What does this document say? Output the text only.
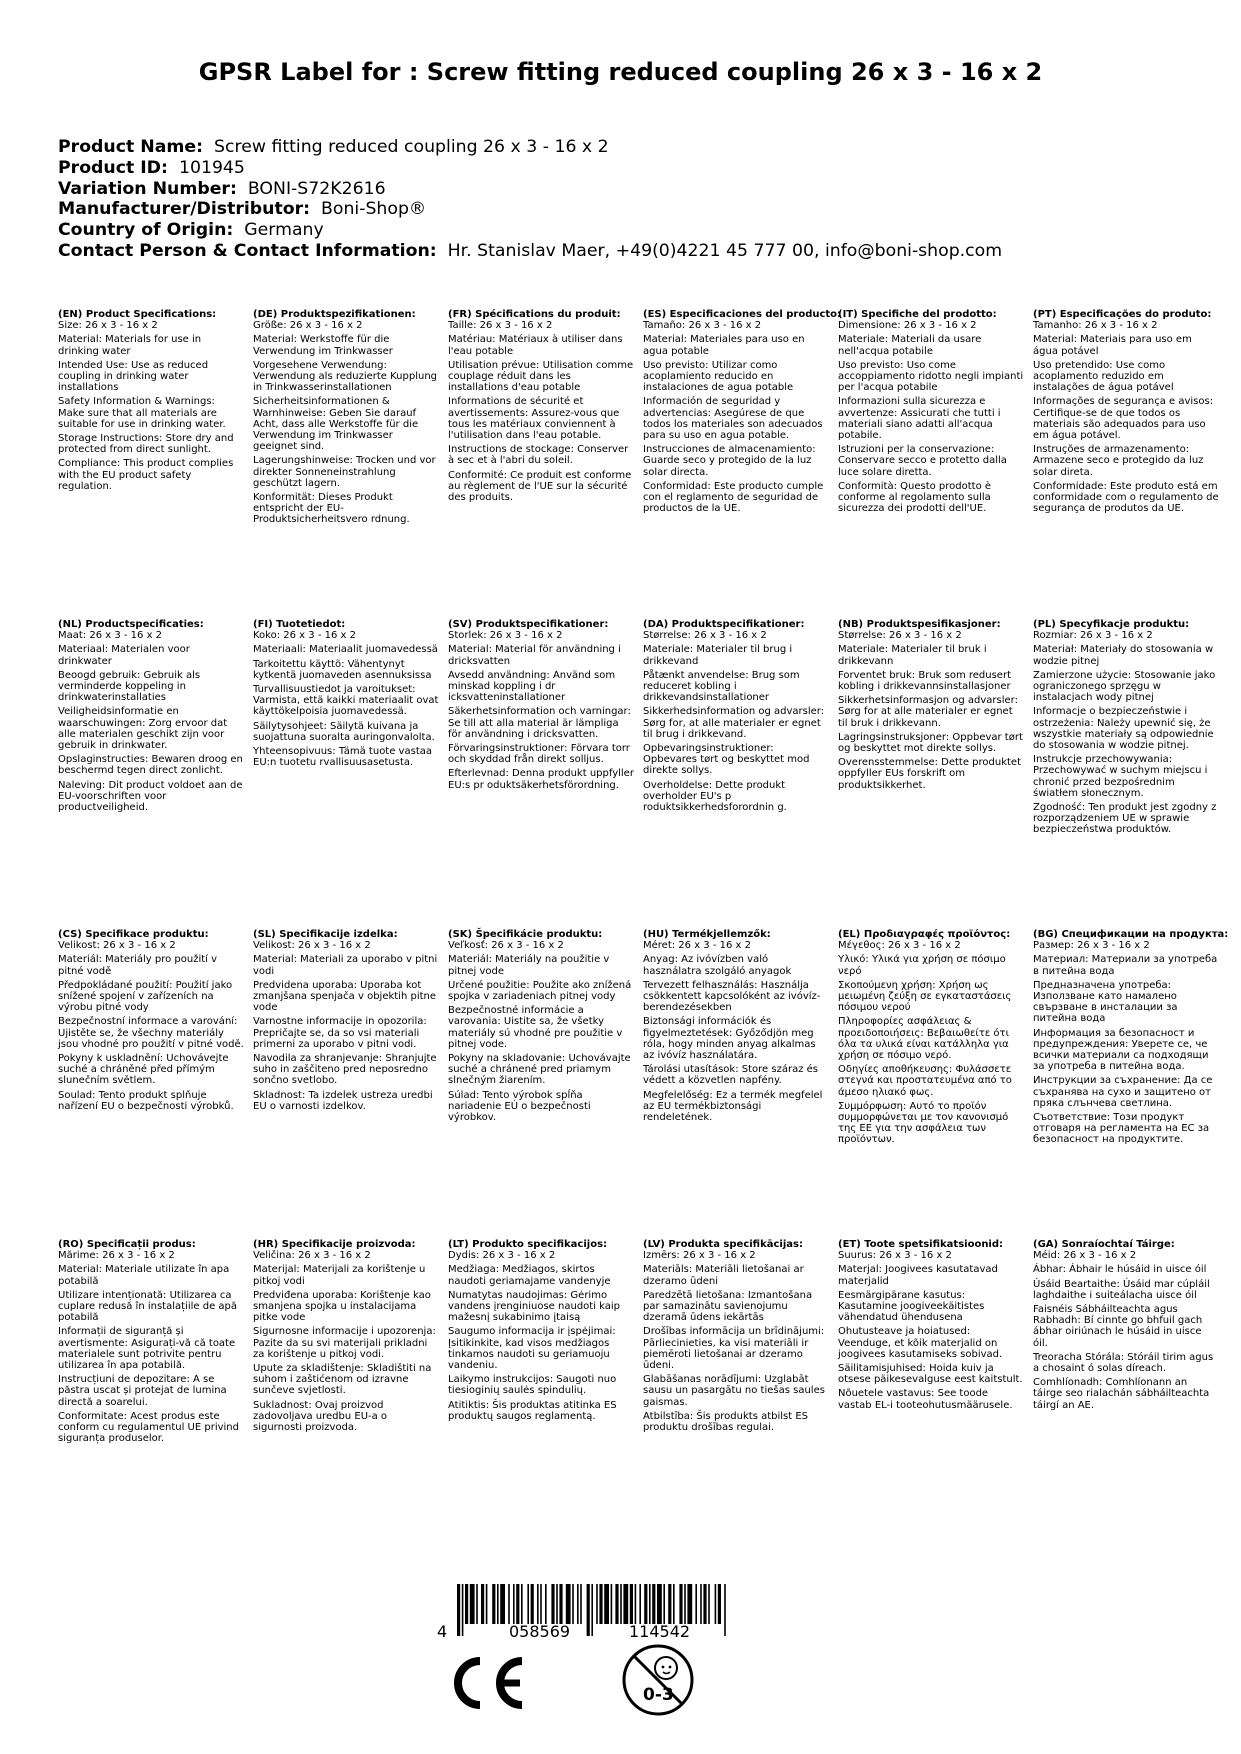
GPSR Label for : Screw fitting reduced coupling 26 x 3 - 16 x 2
Product Name: Screw fitting reduced coupling 26 x 3 - 16 x 2
Product ID: 101945
Variation Number: BONI-S72K2616
Manufacturer/Distributor: Boni-Shop®
Country of Origin: Germany
Contact Person & Contact Information: Hr. Stanislav Maer, +49(0)4221 45 777 00, info@boni-shop.com
(EN) Product Specifications:
Size: 26 x 3 - 16 x 2
Material: Materials for use in drinking water
Intended Use: Use as reduced coupling in drinking water installations
Safety Information & Warnings: Make sure that all materials are suitable for use in drinking water.
Storage Instructions: Store dry and protected from direct sunlight.
Compliance: This product complies with the EU product safety regulation.
(DE) Produktspezifikationen:
Größe: 26 x 3 - 16 x 2
Material: Werkstoffe für die Verwendung im Trinkwasser
Vorgesehene Verwendung: Verwendung als reduzierte Kupplung in Trinkwasserinstallationen
Sicherheitsinformationen & Warnhinweise: Geben Sie darauf Acht, dass alle Werkstoffe für die Verwendung im Trinkwasser geeignet sind.
Lagerungshinweise: Trocken und vor direkter Sonneneinstrahlung geschützt lagern.
Konformität: Dieses Produkt entspricht der EU-Produktsicherheitsvero rdnung.
(FR) Spécifications du produit:
Taille: 26 x 3 - 16 x 2
Matériau: Matériaux à utiliser dans l'eau potable
Utilisation prévue: Utilisation comme couplage réduit dans les installations d'eau potable
Informations de sécurité et avertissements: Assurez-vous que tous les matériaux conviennent à l'utilisation dans l'eau potable.
Instructions de stockage: Conserver à sec et à l'abri du soleil.
Conformité: Ce produit est conforme au règlement de l'UE sur la sécurité des produits.
(ES) Especificaciones del producto:
Tamaño: 26 x 3 - 16 x 2
Material: Materiales para uso en agua potable
Uso previsto: Utilizar como acoplamiento reducido en instalaciones de agua potable
Información de seguridad y advertencias: Asegúrese de que todos los materiales son adecuados para su uso en agua potable.
Instrucciones de almacenamiento: Guarde seco y protegido de la luz solar directa.
Conformidad: Este producto cumple con el reglamento de seguridad de productos de la UE.
(IT) Specifiche del prodotto:
Dimensione: 26 x 3 - 16 x 2
Materiale: Materiali da usare nell'acqua potabile
Uso previsto: Uso come accoppiamento ridotto negli impianti per l'acqua potabile
Informazioni sulla sicurezza e avvertenze: Assicurati che tutti i materiali siano adatti all'acqua potabile.
Istruzioni per la conservazione: Conservare secco e protetto dalla luce solare diretta.
Conformità: Questo prodotto è conforme al regolamento sulla sicurezza dei prodotti dell'UE.
(PT) Especificações do produto:
Tamanho: 26 x 3 - 16 x 2
Material: Materiais para uso em água potável
Uso pretendido: Use como acoplamento reduzido em instalações de água potável
Informações de segurança e avisos: Certifique-se de que todos os materiais são adequados para uso em água potável.
Instruções de armazenamento: Armazene seco e protegido da luz solar direta.
Conformidade: Este produto está em conformidade com o regulamento de segurança de produtos da UE.
(NL) Productspecificaties:
Maat: 26 x 3 - 16 x 2
Materiaal: Materialen voor drinkwater
Beoogd gebruik: Gebruik als verminderde koppeling in drinkwaterinstallaties
Veiligheidsinformatie en waarschuwingen: Zorg ervoor dat alle materialen geschikt zijn voor gebruik in drinkwater.
Opslaginstructies: Bewaren droog en beschermd tegen direct zonlicht.
Naleving: Dit product voldoet aan de EU-voorschriften voor productveiligheid.
(FI) Tuotetiedot:
Koko: 26 x 3 - 16 x 2
Materiaali: Materiaalit juomavedessä
Tarkoitettu käyttö: Vähentynyt kytkentä juomaveden asennuksissa
Turvallisuustiedot ja varoitukset: Varmista, että kaikki materiaalit ovat käyttökelpoisia juomavedessä.
Säilytysohjeet: Säilytä kuivana ja suojattuna suoralta auringonvalolta.
Yhteensopivuus: Tämä tuote vastaa EU:n tuotetu rvallisuusasetusta.
(SV) Produktspecifikationer:
Storlek: 26 x 3 - 16 x 2
Material: Material för användning i dricksvatten
Avsedd användning: Använd som minskad koppling i dr icksvatteninstallationer
Säkerhetsinformation och varningar: Se till att alla material är lämpliga för användning i dricksvatten.
Förvaringsinstruktioner: Förvara torr och skyddad från direkt solljus.
Efterlevnad: Denna produkt uppfyller EU:s pr oduktsäkerhetsförordning.
(DA) Produktspecifikationer:
Størrelse: 26 x 3 - 16 x 2
Materiale: Materialer til brug i drikkevand
Påtænkt anvendelse: Brug som reduceret kobling i drikkevandsinstallationer
Sikkerhedsinformation og advarsler: Sørg for, at alle materialer er egnet til brug i drikkevand.
Opbevaringsinstruktioner: Opbevares tørt og beskyttet mod direkte sollys.
Overholdelse: Dette produkt overholder EU's p roduktsikkerhedsforordnin g.
(NB) Produktspesifikasjoner:
Størrelse: 26 x 3 - 16 x 2
Materiale: Materialer til bruk i drikkevann
Forventet bruk: Bruk som redusert kobling i drikkevannsinstallasjoner
Sikkerhetsinformasjon og advarsler: Sørg for at alle materialer er egnet til bruk i drikkevann.
Lagringsinstruksjoner: Oppbevar tørt og beskyttet mot direkte sollys.
Overensstemmelse: Dette produktet oppfyller EUs forskrift om produktsikkerhet.
(PL) Specyfikacje produktu:
Rozmiar: 26 x 3 - 16 x 2
Materiał: Materiały do stosowania w wodzie pitnej
Zamierzone użycie: Stosowanie jako ograniczonego sprzęgu w instalacjach wody pitnej
Informacje o bezpieczeństwie i ostrzeżenia: Należy upewnić się, że wszystkie materiały są odpowiednie do stosowania w wodzie pitnej.
Instrukcje przechowywania: Przechowywać w suchym miejscu i chronić przed bezpośrednim światłem słonecznym.
Zgodność: Ten produkt jest zgodny z rozporządzeniem UE w sprawie bezpieczeństwa produktów.
(CS) Specifikace produktu:
Velikost: 26 x 3 - 16 x 2
Materiál: Materiály pro použití v pitné vodě
Předpokládané použití: Použití jako snížené spojení v zařízeních na výrobu pitné vody
Bezpečnostní informace a varování: Ujistěte se, že všechny materiály jsou vhodné pro použití v pitné vodě.
Pokyny k uskladnění: Uchovávejte suché a chráněné před přímým slunečním světlem.
Soulad: Tento produkt splňuje nařízení EU o bezpečnosti výrobků.
(SL) Specifikacije izdelka:
Velikost: 26 x 3 - 16 x 2
Material: Materiali za uporabo v pitni vodi
Predvidena uporaba: Uporaba kot zmanjšana spenjača v objektih pitne vode
Varnostne informacije in opozorila: Prepričajte se, da so vsi materiali primerni za uporabo v pitni vodi.
Navodila za shranjevanje: Shranjujte suho in zaščiteno pred neposredno sončno svetlobo.
Skladnost: Ta izdelek ustreza uredbi EU o varnosti izdelkov.
(SK) Špecifikácie produktu:
Veľkosť: 26 x 3 - 16 x 2
Materiál: Materiály na použitie v pitnej vode
Určené použitie: Použite ako znížená spojka v zariadeniach pitnej vody
Bezpečnostné informácie a varovania: Uistite sa, že všetky materiály sú vhodné pre použitie v pitnej vode.
Pokyny na skladovanie: Uchovávajte suché a chránené pred priamym slnečným žiarením.
Súlad: Tento výrobok spĺňa nariadenie EÚ o bezpečnosti výrobkov.
(HU) Termékjellemzők:
Méret: 26 x 3 - 16 x 2
Anyag: Az ivóvízben való használatra szolgáló anyagok
Tervezett felhasználás: Használja csökkentett kapcsolóként az ivóvíz-berendezésekben
Biztonsági információk és figyelmeztetések: Győződjön meg róla, hogy minden anyag alkalmas az ivóvíz használatára.
Tárolási utasítások: Store száraz és védett a közvetlen napfény.
Megfelelőség: Ez a termék megfelel az EU termékbiztonsági rendeletének.
(EL) Προδιαγραφές προϊόντος:
Μέγεθος: 26 x 3 - 16 x 2
Υλικό: Υλικά για χρήση σε πόσιμο νερό
Σκοπούμενη χρήση: Χρήση ως μειωμένη ζεύξη σε εγκαταστάσεις πόσιμου νερού
Πληροφορίες ασφάλειας & προειδοποιήσεις: Βεβαιωθείτε ότι όλα τα υλικά είναι κατάλληλα για χρήση σε πόσιμο νερό.
Οδηγίες αποθήκευσης: Φυλάσσετε στεγνά και προστατευμένα από το άμεσο ηλιακό φως.
Συμμόρφωση: Αυτό το προϊόν συμμορφώνεται με τον κανονισμό της ΕΕ για την ασφάλεια των προϊόντων.
(BG) Спецификации на продукта:
Размер: 26 x 3 - 16 x 2
Материал: Материали за употреба в питейна вода
Предназначена употреба: Използване като намалено свързване в инсталации за питейна вода
Информация за безопасност и предупреждения: Уверете се, че всички материали са подходящи за употреба в питейна вода.
Инструкции за съхранение: Да се съхранява на сухо и защитено от пряка слънчева светлина.
Съответствие: Този продукт отговаря на регламента на ЕС за безопасност на продуктите.
(RO) Specificații produs:
Mărime: 26 x 3 - 16 x 2
Material: Materiale utilizate în apa potabilă
Utilizare intenționată: Utilizarea ca cuplare redusă în instalațiile de apă potabilă
Informații de siguranță și avertismente: Asigurați-vă că toate materialele sunt potrivite pentru utilizarea în apa potabilă.
Instrucțiuni de depozitare: A se păstra uscat și protejat de lumina directă a soarelui.
Conformitate: Acest produs este conform cu regulamentul UE privind siguranța produselor.
(HR) Specifikacije proizvoda:
Veličina: 26 x 3 - 16 x 2
Materijal: Materijali za korištenje u pitkoj vodi
Predviđena uporaba: Korištenje kao smanjena spojka u instalacijama pitke vode
Sigurnosne informacije i upozorenja: Pazite da su svi materijali prikladni za korištenje u pitkoj vodi.
Upute za skladištenje: Skladištiti na suhom i zaštićenom od izravne sunčeve svjetlosti.
Sukladnost: Ovaj proizvod zadovoljava uredbu EU-a o sigurnosti proizvoda.
(LT) Produkto specifikacijos:
Dydis: 26 x 3 - 16 x 2
Medžiaga: Medžiagos, skirtos naudoti geriamajame vandenyje
Numatytas naudojimas: Gėrimo vandens įrenginiuose naudoti kaip mažesnį sukabinimo įtaisą
Saugumo informacija ir įspėjimai: Įsitikinkite, kad visos medžiagos tinkamos naudoti su geriamuoju vandeniu.
Laikymo instrukcijos: Saugoti nuo tiesioginių saulės spindulių.
Atitiktis: Šis produktas atitinka ES produktų saugos reglamentą.
(LV) Produkta specifikācijas:
Izmērs: 26 x 3 - 16 x 2
Materiāls: Materiāli lietošanai ar dzeramo ūdeni
Paredzētā lietošana: Izmantošana par samazinātu savienojumu dzeramā ūdens iekārtās
Drošības informācija un brīdinājumi: Pārliecinieties, ka visi materiāli ir piemēroti lietošanai ar dzeramo ūdeni.
Glabāšanas norādījumi: Uzglabāt sausu un pasargātu no tiešas saules gaismas.
Atbilstība: Šis produkts atbilst ES produktu drošības regulai.
(ET) Toote spetsifikatsioonid:
Suurus: 26 x 3 - 16 x 2
Materjal: Joogivees kasutatavad materjalid
Eesmärgipärane kasutus: Kasutamine joogiveekäitistes vähendatud ühendusena
Ohutusteave ja hoiatused: Veenduge, et kõik materjalid on joogivees kasutamiseks sobivad.
Säilitamisjuhised: Hoida kuiv ja otsese päikesevalguse eest kaitstult.
Nõuetele vastavus: See toode vastab EL-i tooteohutusmäärusele.
(GA) Sonraíochtaí Táirge:
Méid: 26 x 3 - 16 x 2
Ábhar: Ábhair le húsáid in uisce óil
Úsáid Beartaithe: Úsáid mar cúpláil laghdaithe i suiteálacha uisce óil
Faisnéis Sábháilteachta agus Rabhadh: Bí cinnte go bhfuil gach ábhar oiriúnach le húsáid in uisce óil.
Treoracha Stórála: Stóráil tirim agus a chosaint ó solas díreach.
Comhlíonadh: Comhlíonann an táirge seo rialachán sábháilteachta táirgí an AE.
4	058569	114542
0-3
